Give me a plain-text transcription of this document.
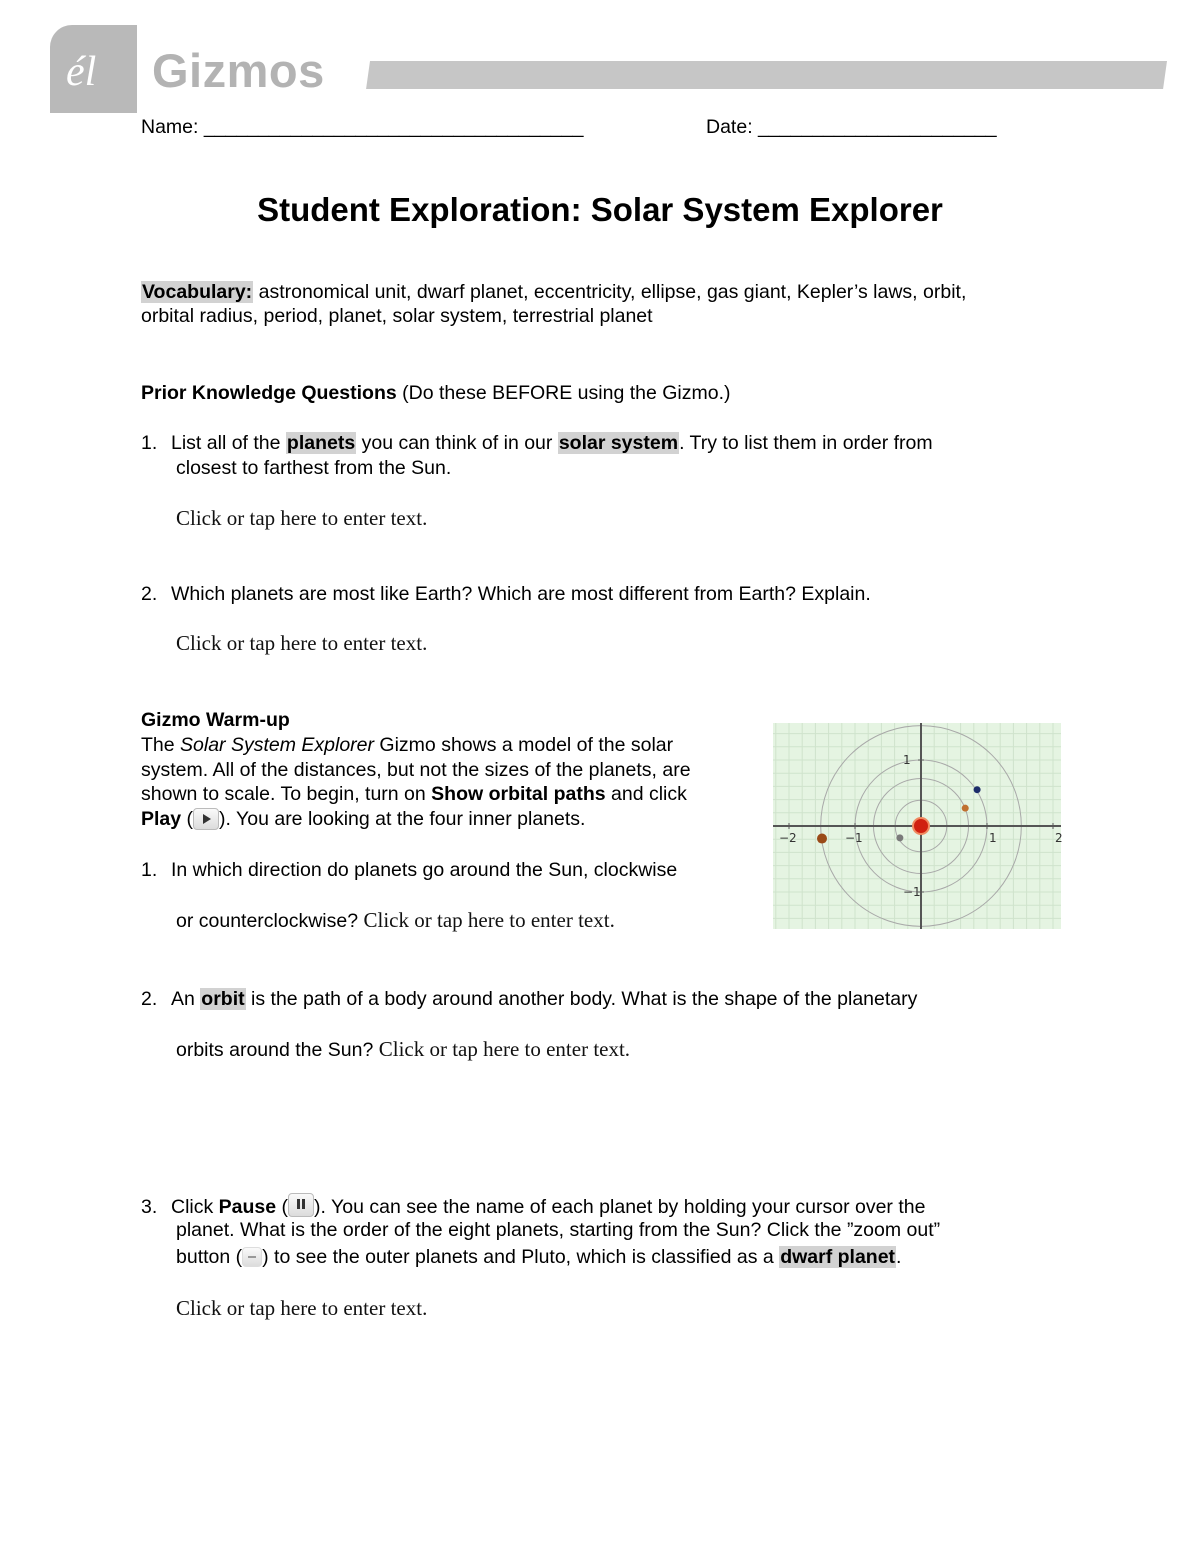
él Gizmos
Name: ___________________________________	Date: ______________________
Student Exploration: Solar System Explorer
Vocabulary: astronomical unit, dwarf planet, eccentricity, ellipse, gas giant, Kepler’s laws, orbit,
orbital radius, period, planet, solar system, terrestrial planet
Prior Knowledge Questions (Do these BEFORE using the Gizmo.)
1. List all of the planets you can think of in our solar system. Try to list them in order from
closest to farthest from the Sun.
Click or tap here to enter text.
2. Which planets are most like Earth? Which are most different from Earth? Explain.
Click or tap here to enter text.
Gizmo Warm-up
The Solar System Explorer Gizmo shows a model of the solar
system. All of the distances, but not the sizes of the planets, are
shown to scale. To begin, turn on Show orbital paths and click
Play ( ). You are looking at the four inner planets.
1. In which direction do planets go around the Sun, clockwise
or counterclockwise? Click or tap here to enter text.
−2	−1	1	2
1
−1
2. An orbit is the path of a body around another body. What is the shape of the planetary
orbits around the Sun? Click or tap here to enter text.
3. Click Pause ( ). You can see the name of each planet by holding your cursor over the
planet. What is the order of the eight planets, starting from the Sun? Click the ”zoom out”
button ( ) to see the outer planets and Pluto, which is classified as a dwarf planet.
Click or tap here to enter text.
